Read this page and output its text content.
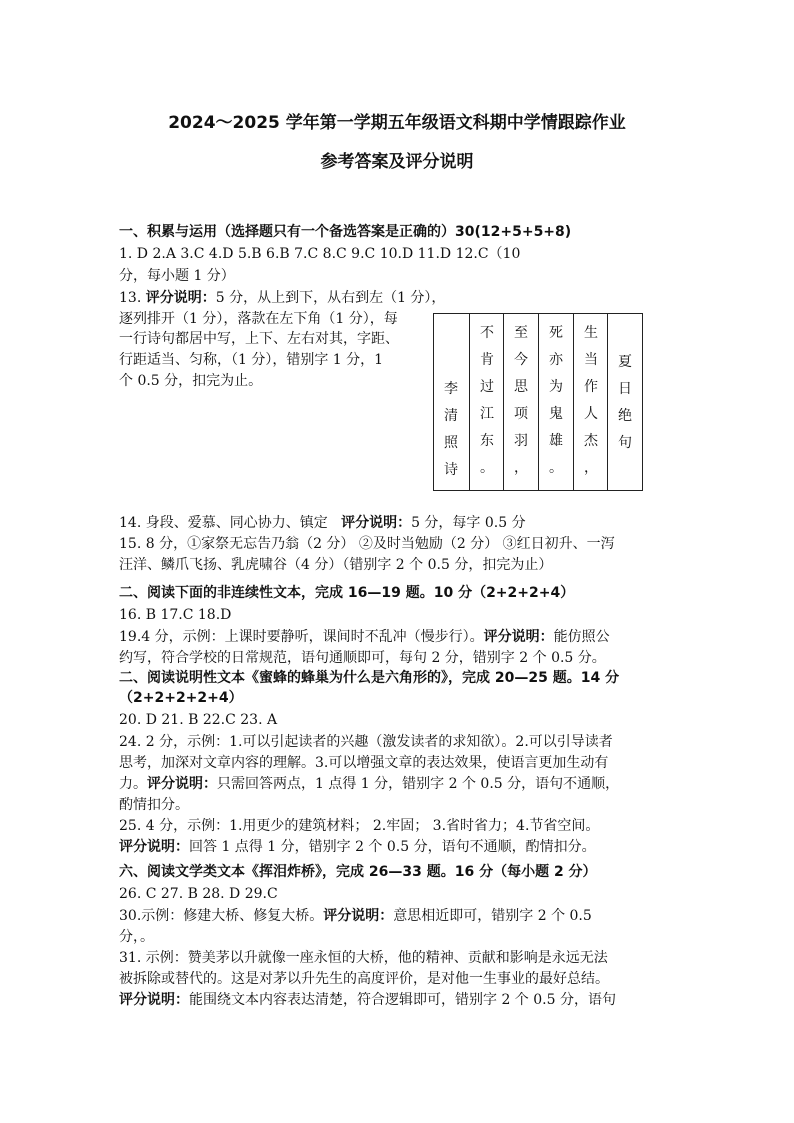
2024～2025 学年第一学期五年级语文科期中学情跟踪作业
参考答案及评分说明
一、积累与运用（选择题只有一个备选答案是正确的）30(12+5+5+8)
1. D 2.A 3.C 4.D 5.B 6.B 7.C 8.C 9.C 10.D 11.D 12.C（10
分，每小题 1 分）
13. 评分说明：5 分，从上到下，从右到左（1 分），
逐列排开（1 分），落款在左下角（1 分），每
一行诗句都居中写，上下、左右对其，字距、
行距适当、匀称，（1 分），错别字 1 分，1
个 0.5 分，扣完为止。	李
清
照
诗
不
肯
过
江
东
。
至
今
思
项
羽
，
死
亦
为
鬼
雄
。
生
当
作
人
杰
，
夏
日
绝
句
14. 身段、爱慕、同心协力、镇定 评分说明：5 分，每字 0.5 分
15. 8 分，①家祭无忘告乃翁（2 分） ②及时当勉励（2 分） ③红日初升、一泻
汪洋、鳞爪飞扬、乳虎啸谷（4 分）（错别字 2 个 0.5 分，扣完为止）
二、阅读下面的非连续性文本，完成 16—19 题。10 分（2+2+2+4）
16. B 17.C 18.D
19.4 分，示例：上课时要静听，课间时不乱冲（慢步行）。评分说明：能仿照公
约写，符合学校的日常规范，语句通顺即可，每句 2 分，错别字 2 个 0.5 分。
二、阅读说明性文本《蜜蜂的蜂巢为什么是六角形的》，完成 20—25 题。14 分
（2+2+2+2+4）
20. D 21. B 22.C 23. A
24. 2 分，示例：1.可以引起读者的兴趣（激发读者的求知欲）。2.可以引导读者
思考，加深对文章内容的理解。3.可以增强文章的表达效果，使语言更加生动有
力。评分说明：只需回答两点，1 点得 1 分，错别字 2 个 0.5 分，语句不通顺，
酌情扣分。
25. 4 分，示例：1.用更少的建筑材料； 2.牢固； 3.省时省力；4.节省空间。
评分说明：回答 1 点得 1 分，错别字 2 个 0.5 分，语句不通顺，酌情扣分。
六、阅读文学类文本《挥泪炸桥》，完成 26—33 题。16 分（每小题 2 分）
26. C 27. B 28. D 29.C
30.示例：修建大桥、修复大桥。评分说明：意思相近即可，错别字 2 个 0.5
分，。
31. 示例：赞美茅以升就像一座永恒的大桥，他的精神、贡献和影响是永远无法
被拆除或替代的。这是对茅以升先生的高度评价，是对他一生事业的最好总结。
评分说明：能围绕文本内容表达清楚，符合逻辑即可，错别字 2 个 0.5 分，语句
